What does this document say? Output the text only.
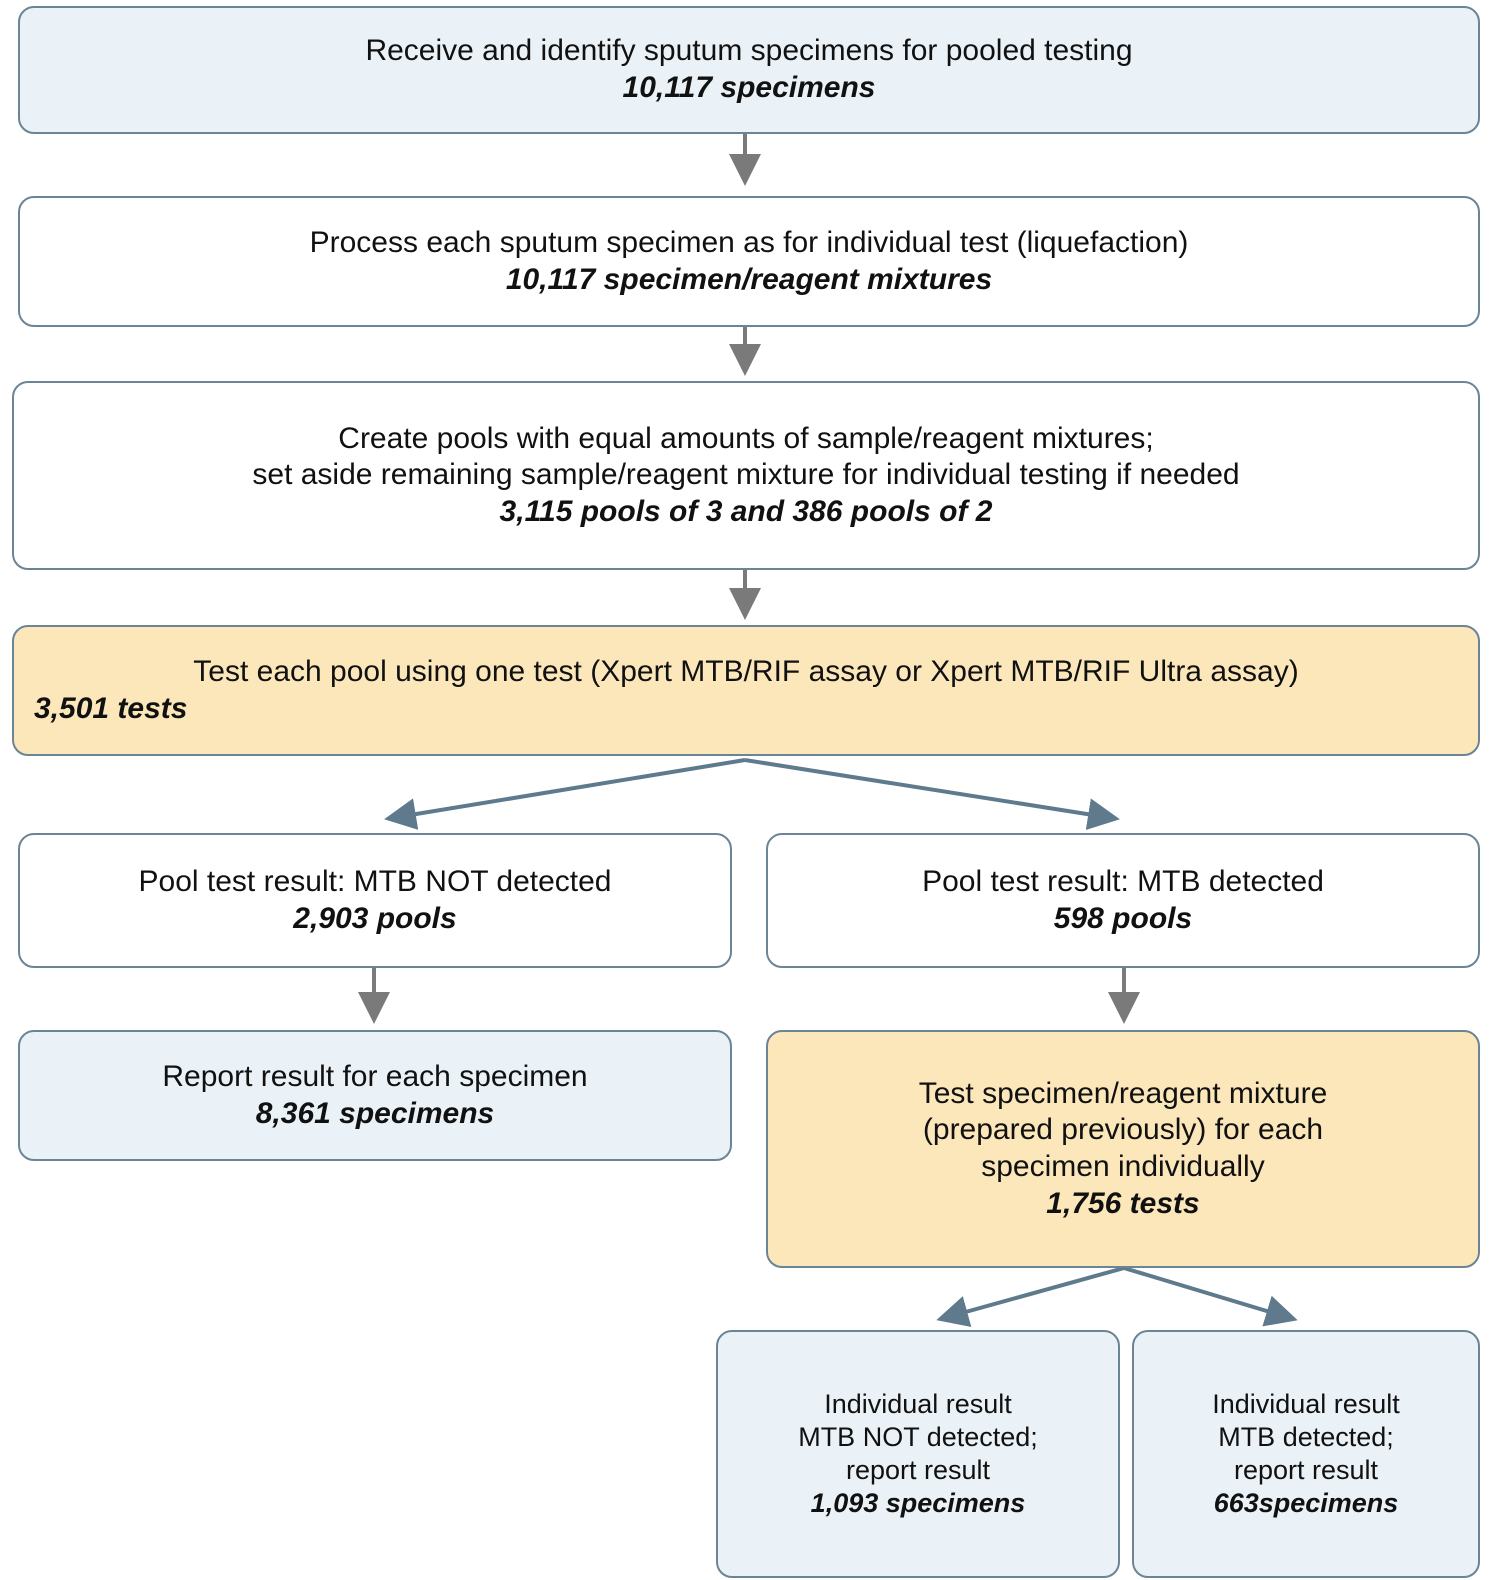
Receive and identify sputum specimens for pooled testing
10,117 specimens
Process each sputum specimen as for individual test (liquefaction)
10,117 specimen/reagent mixtures
Create pools with equal amounts of sample/reagent mixtures;
set aside remaining sample/reagent mixture for individual testing if needed
3,115 pools of 3 and 386 pools of 2
Test each pool using one test (Xpert MTB/RIF assay or Xpert MTB/RIF Ultra assay)
3,501 tests
Pool test result: MTB NOT detected
2,903 pools
Pool test result: MTB detected
598 pools
Report result for each specimen
8,361 specimens
Test specimen/reagent mixture
(prepared previously) for each
specimen individually
1,756 tests
Individual result
MTB NOT detected;
report result
1,093 specimens
Individual result
MTB detected;
report result
663specimens
